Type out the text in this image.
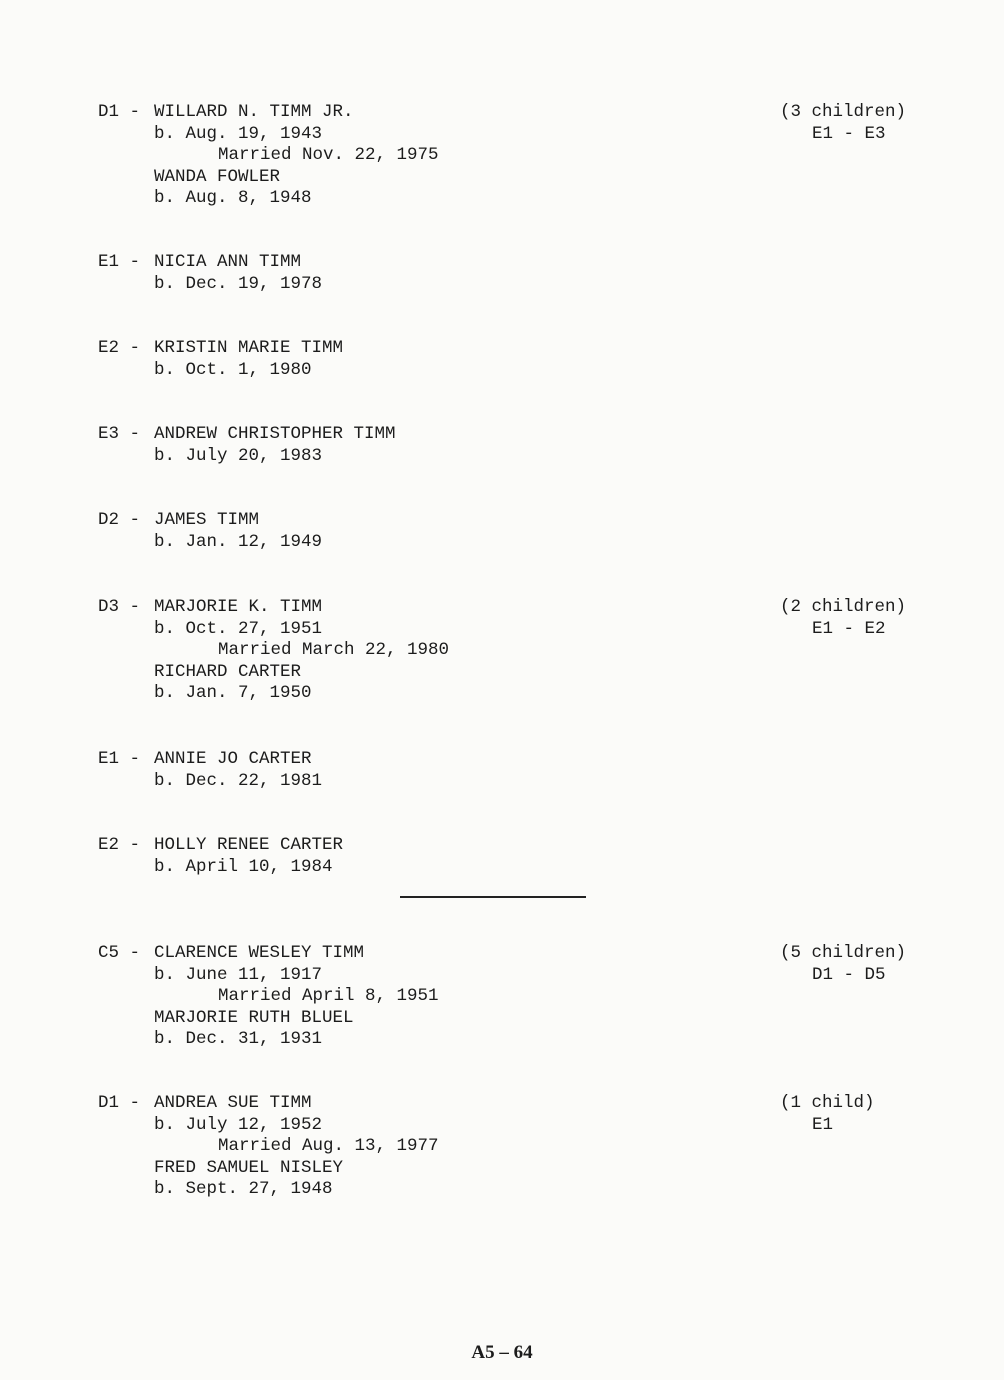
D1 -

WILLARD N. TIMM JR.

	(3 children)

b. Aug. 19, 1943

	E1 - E3

Married Nov. 22, 1975
WANDA FOWLER
b. Aug. 8, 1948

E1 -

NICIA ANN TIMM

b. Dec. 19, 1978

E2 -

KRISTIN MARIE TIMM

b. Oct. 1, 1980

E3 -

ANDREW CHRISTOPHER TIMM

b. July 20, 1983

D2 -

JAMES TIMM

b. Jan. 12, 1949

D3 -

MARJORIE K. TIMM

	(2 children)

b. Oct. 27, 1951

	E1 - E2

Married March 22, 1980
RICHARD CARTER
b. Jan. 7, 1950

E1 -

ANNIE JO CARTER

b. Dec. 22, 1981

E2 -

HOLLY RENEE CARTER

b. April 10, 1984

C5 -

CLARENCE WESLEY TIMM

	(5 children)

b. June 11, 1917

	D1 - D5

Married April 8, 1951
MARJORIE RUTH BLUEL
b. Dec. 31, 1931

D1 -

ANDREA SUE TIMM

	(1 child)

b. July 12, 1952

	E1

Married Aug. 13, 1977
FRED SAMUEL NISLEY
b. Sept. 27, 1948
A5 – 64
